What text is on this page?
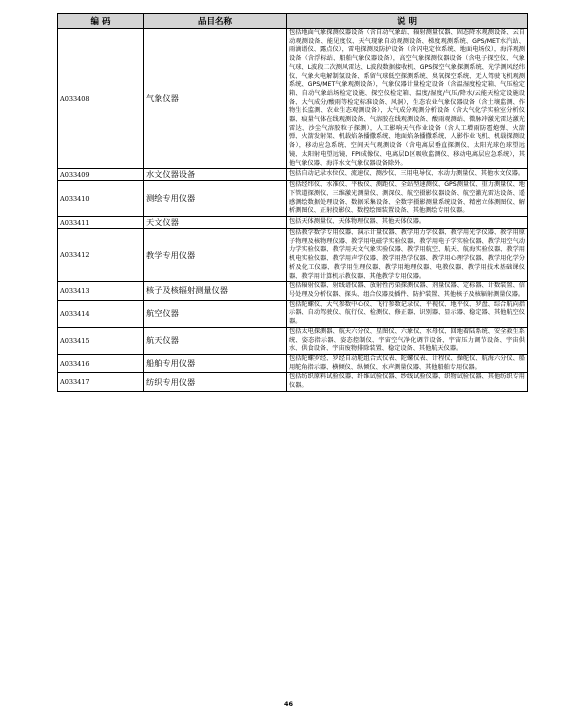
编 码	品目名称	说 明
A033408	气象仪器	包括地面气象探测仪器设备（含自动气象站、辐射测量仪器、固态降水观测设备、云自动观测设备、能见度仪、天气现象自动观测设备、梯度观测系统、GPS/MET水汽站、雨滴谱仪、露点仪），雷电探测及防护设备（含闪电定位系统、地面电场仪），海洋观测设备（含浮标站、船舶气象仪器设备），高空气象探测仪器设备（含电子探空仪、气象气球、L波段二次测风雷达、L波段数据接收机、GPS探空气象探测系统、光学测风经纬仪、气象火电解制氢设备、系留气球低空探测系统、臭氧探空系统、无人驾驶飞机观测系统、GPS/MET气象观测设备），气象仪器计量检定设备（含温湿度检定箱、气压检定箱、自动气象站场检定设施、探空仪检定箱、温度/湿度/气压/降水/云能天检定设施设备、大气成分/酸雨等检定标准设备、风洞），生态农业气象仪器设备（含土壤监测、作物生长监测、农业生态观测设备），大气成分观测分析设备（含大气化学实验室分析仪器、痕量气体在线观测设备、气溶胶在线观测设备、酸雨观测站、微脉冲激光雷达激光雷达、沙尘气溶胶粒子探测），人工影响天气作业设备（含人工增雨防雹炮弹、火箭弹、火箭发射架、机载焰条播撒系统、地面焰条播撒系统、人影作业飞机、机载探测设备），移动应急系统、空间天气观测设备（含电离层垂直探测仪、太阳光球色球望远镜、太阳射电望远镜、FPI成像仪、电离层D区吸收监测仪、移动电离层应急系统），其他气象仪器、海洋水文气象仪器设备除外。
A033409	水文仪器设备	包括自动记录水位仪、流速仪、测沙仪、三用电导仪、水动力测量仪、其他水文仪器。
A033410	测绘专用仪器	包括经纬仪、水准仪、平板仪、测距仪、全站型速测仪、GPS测量仪、重力测量仪、地下管道探测仪、三维激光测量仪、测深仪、航空摄影仪器设备、航空激光雷达设备、遥感测绘数据处理设备、数据采集设备、全数字摄影测量系统设备、精密立体测图仪、解析测图仪、正射投影仪、数控绘图装置设备、其他测绘专用仪器。
A033411	天文仪器	包括天体测量仪、天体物理仪器、其他天体仪器。
A033412	教学专用仪器	包括教学数学专用仪器、演示计量仪器、教学用力学仪器、教学用光学仪器、教学用原子物理及核物理仪器、教学用电磁学实验仪器、教学用电子学实验仪器、教学用空气动力学实验仪器、教学用天文气象实验仪器、教学用航空、航天、航海实验仪器、教学用机电实验仪器、教学用声学仪器、教学用热学仪器、教学用心理学仪器、教学用化学分析及化工仪器、教学用生理仪器、教学用地理仪器、电教仪器、教学用技术基础课仪器、教学用计算机示教仪器、其他教学专用仪器。
A033413	核子及核辐射测量仪器	包括辐射仪器、射线谱仪器、放射性污染探测仪器、剂量仪器、定标器、计数装置、信号处理及分析仪器、探头、组合仪器及插件、防护装置、其他核子及核辐射测量仪器。
A033414	航空仪器	包括陀螺仪、大气参数中心仪、飞行参数记录仪、平视仪、地平仪、罗盘、综合航向指示器、自动驾驶仪、航行仪、检测仪、修正器、识别器、显示器、稳定器、其他航空仪器。
A033415	航天仪器	包括太电探测器、航天六分仪、星图仪、六象仪、水母仪、回地着陆系统、安全救生系统、姿态指示器、姿态控制仪、宇宙空气净化调节设备、宇宙压力调节设备、宇宙供水、供食设备、宇宙废物排除装置、稳定设备、其他航天仪器。
A033416	船舶专用仪器	包括陀螺罗经、罗经自动舵组合式仪表、陀螺仪表、计程仪、操舵仪、航海六分仪、船用舵角指示器、横倾仪、纵倾仪、水声测量仪器、其他船舶专用仪器。
A033417	纺织专用仪器	包括纺织原料试验仪器、纤维试验仪器、纱线试验仪器、织物试验仪器、其他纺织专用仪器。
46
